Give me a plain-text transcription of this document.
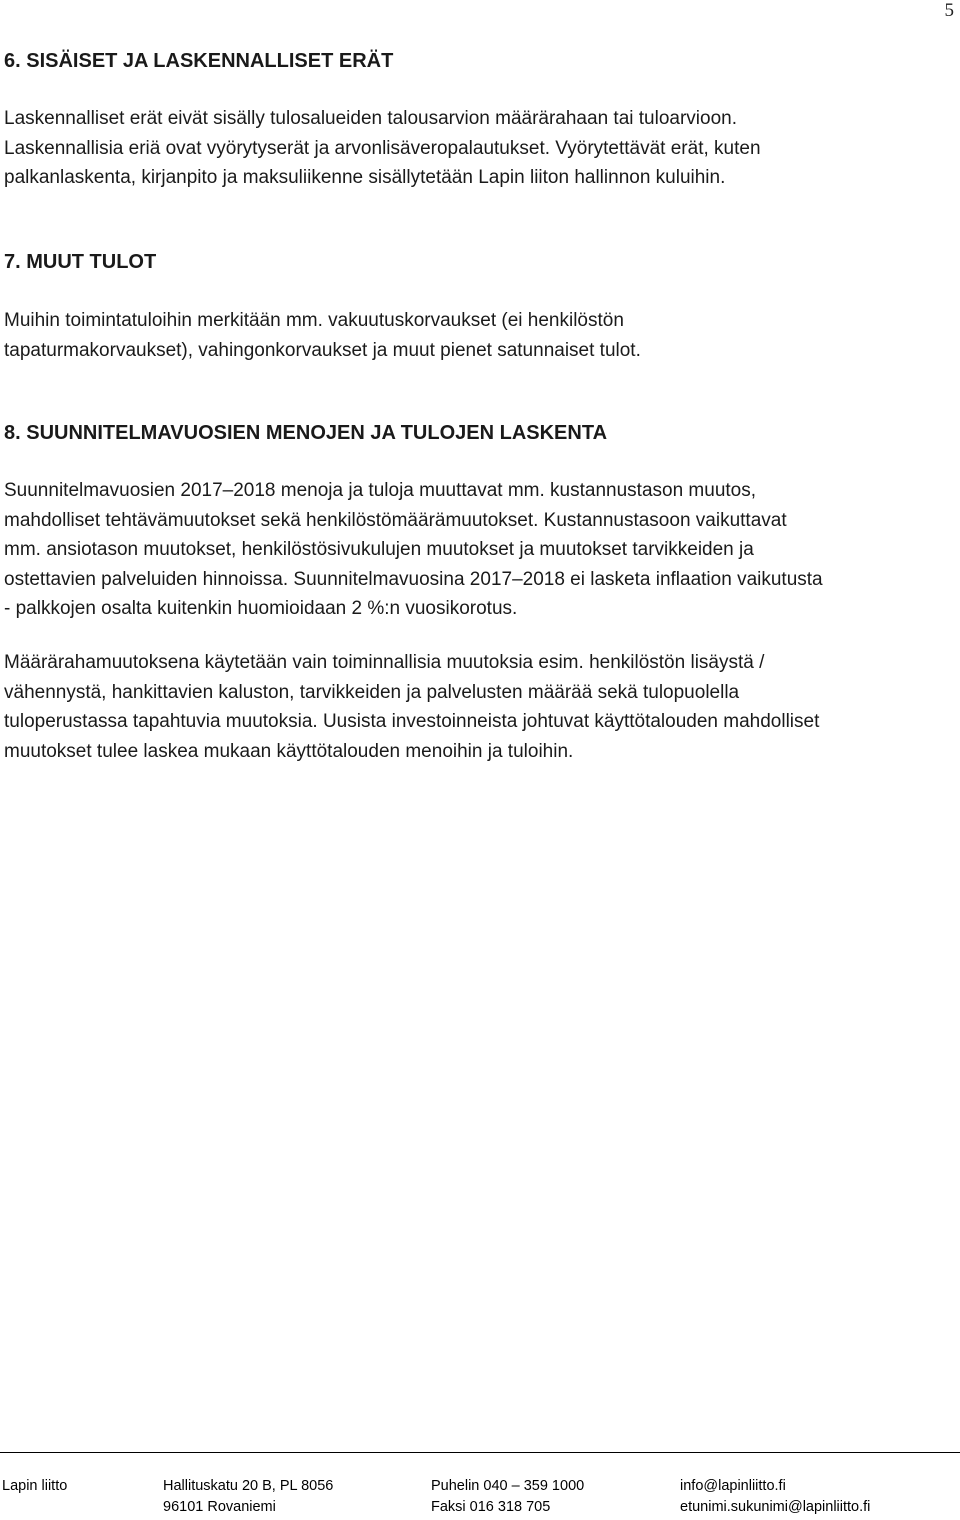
5
6. SISÄISET JA LASKENNALLISET ERÄT

Laskennalliset erät eivät sisälly tulosalueiden talousarvion määrärahaan tai tuloarvioon.
Laskennallisia eriä ovat vyörytyserät ja arvonlisäveropalautukset. Vyörytettävät erät, kuten
palkanlaskenta, kirjanpito ja maksuliikenne sisällytetään Lapin liiton hallinnon kuluihin.

7. MUUT TULOT

Muihin toimintatuloihin merkitään mm. vakuutuskorvaukset (ei henkilöstön
tapaturmakorvaukset), vahingonkorvaukset ja muut pienet satunnaiset tulot.

8. SUUNNITELMAVUOSIEN MENOJEN JA TULOJEN LASKENTA

Suunnitelmavuosien 2017–2018 menoja ja tuloja muuttavat mm. kustannustason muutos,
mahdolliset tehtävämuutokset sekä henkilöstömäärämuutokset. Kustannustasoon vaikuttavat
mm. ansiotason muutokset, henkilöstösivukulujen muutokset ja muutokset tarvikkeiden ja
ostettavien palveluiden hinnoissa. Suunnitelmavuosina 2017–2018 ei lasketa inflaation vaikutusta
- palkkojen osalta kuitenkin huomioidaan 2 %:n vuosikorotus.

Määrärahamuutoksena käytetään vain toiminnallisia muutoksia esim. henkilöstön lisäystä /
vähennystä, hankittavien kaluston, tarvikkeiden ja palvelusten määrää sekä tulopuolella
tuloperustassa tapahtuvia muutoksia. Uusista investoinneista johtuvat käyttötalouden mahdolliset
muutokset tulee laskea mukaan käyttötalouden menoihin ja tuloihin.

Lapin liitto	Hallituskatu 20 B, PL 8056
96101 Rovaniemi
Puhelin 040 – 359 1000
Faksi 016 318 705
info@lapinliitto.fi
etunimi.sukunimi@lapinliitto.fi
